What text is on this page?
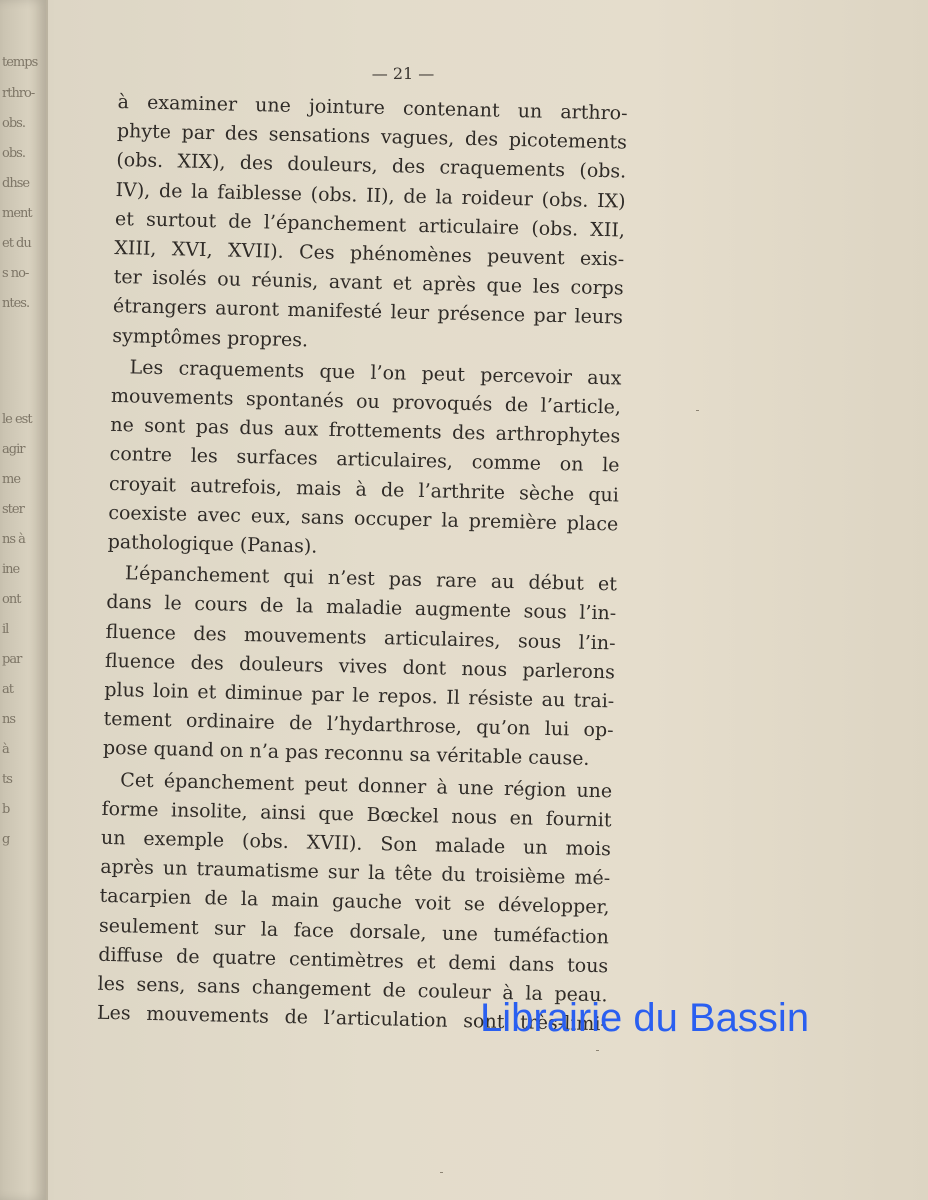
temps
rthro-
obs.
obs.
dhse
ment
et du
s no-
ntes.
le est
agir
me
ster
ns à
ine
ont
il
par
at
ns
à
ts
b
g
— 21 —
à examiner une jointure contenant un arthro-
phyte par des sensations vagues, des picotements
(obs. XIX), des douleurs, des craquements (obs.
IV), de la faiblesse (obs. II), de la roideur (obs. IX)
et surtout de l’épanchement articulaire (obs. XII,
XIII, XVI, XVII). Ces phénomènes peuvent exis-
ter isolés ou réunis, avant et après que les corps
étrangers auront manifesté leur présence par leurs
symptômes propres.
Les craquements que l’on peut percevoir aux
mouvements spontanés ou provoqués de l’article,
ne sont pas dus aux frottements des arthrophytes
contre les surfaces articulaires, comme on le
croyait autrefois, mais à de l’arthrite sèche qui
coexiste avec eux, sans occuper la première place
pathologique (Panas).
L’épanchement qui n’est pas rare au début et
dans le cours de la maladie augmente sous l’in-
fluence des mouvements articulaires, sous l’in-
fluence des douleurs vives dont nous parlerons
plus loin et diminue par le repos. Il résiste au trai-
tement ordinaire de l’hydarthrose, qu’on lui op-
pose quand on n’a pas reconnu sa véritable cause.
Cet épanchement peut donner à une région une
forme insolite, ainsi que Bœckel nous en fournit
un exemple (obs. XVII). Son malade un mois
après un traumatisme sur la tête du troisième mé-
tacarpien de la main gauche voit se développer,
seulement sur la face dorsale, une tuméfaction
diffuse de quatre centimètres et demi dans tous
les sens, sans changement de couleur à la peau.
Les mouvements de l’articulation sont très-limi-
Librairie du Bassin
